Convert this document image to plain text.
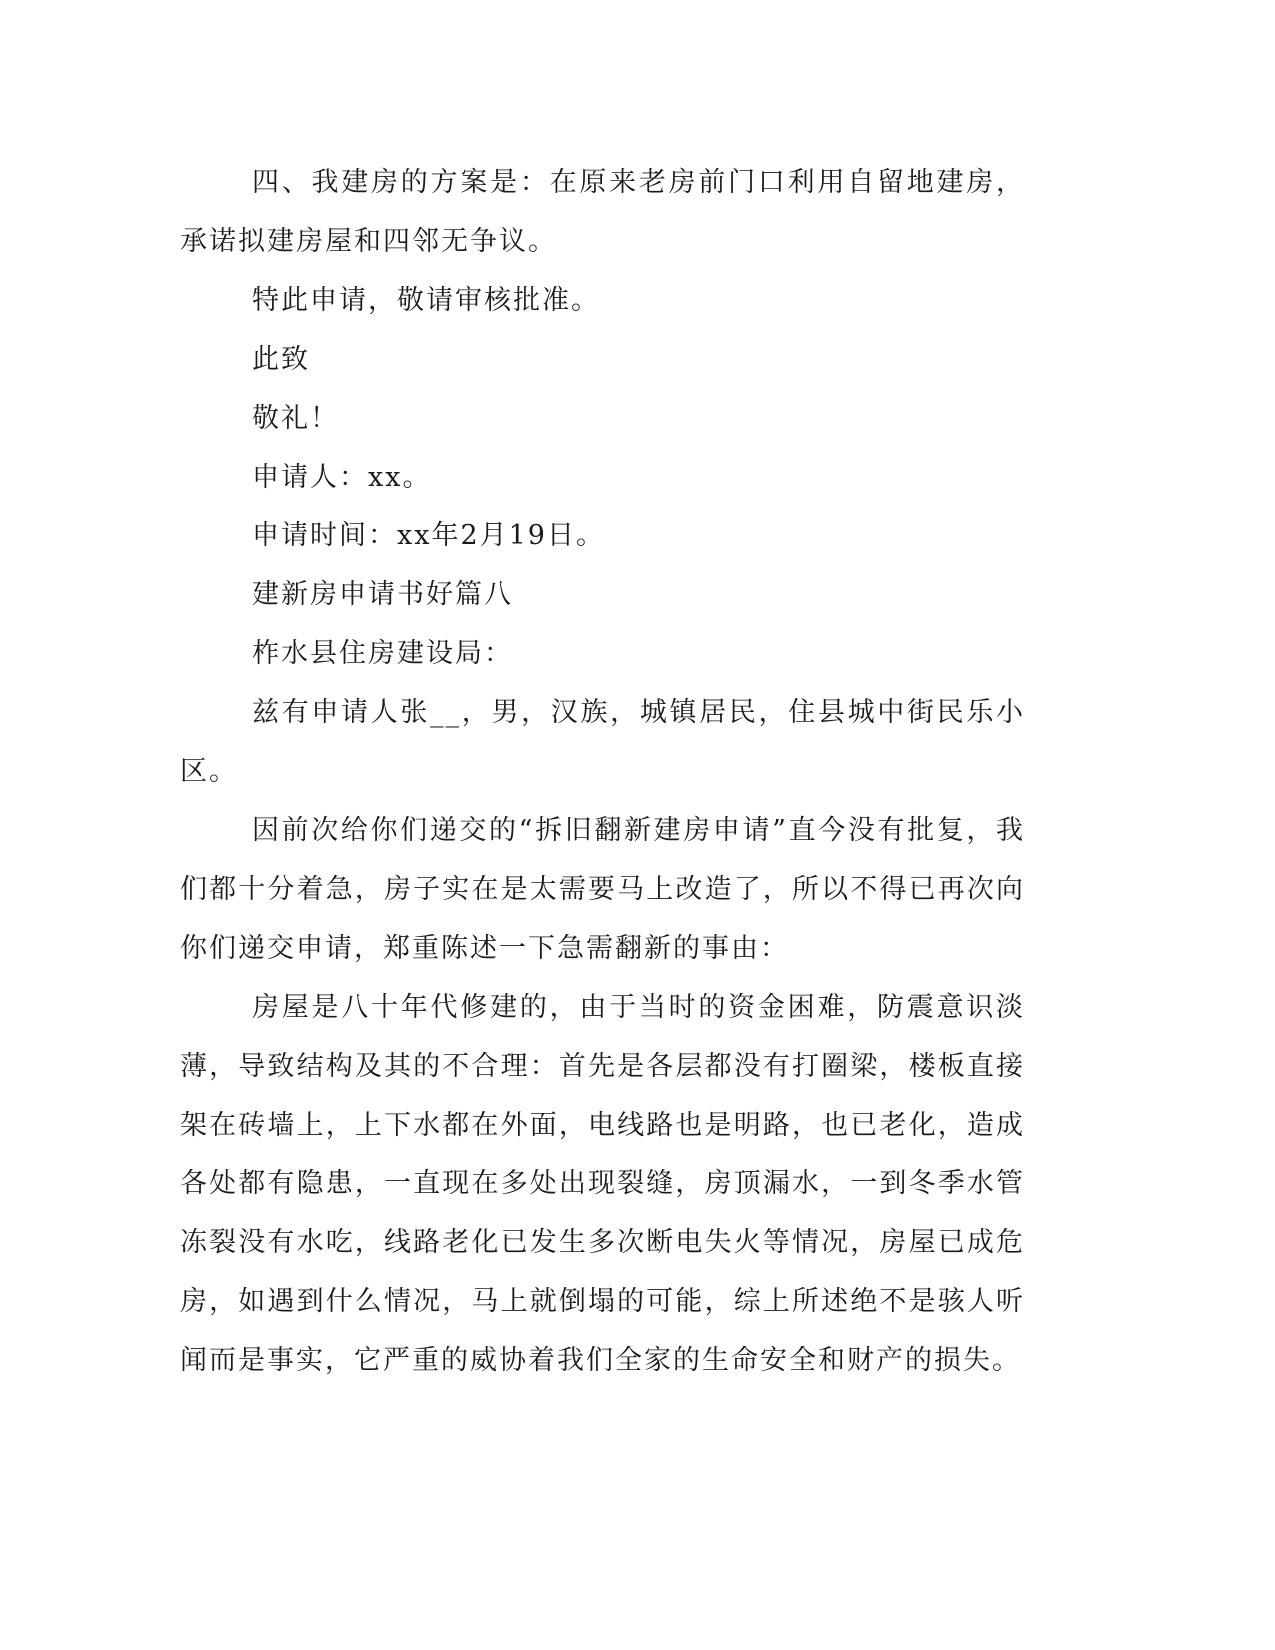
四、我建房的方案是：在原来老房前门口利用自留地建房，承诺拟建房屋和四邻无争议。

特此申请，敬请审核批准。

此致

敬礼！

申请人：xx。

申请时间：xx年2月19日。

建新房申请书好篇八

柞水县住房建设局：

兹有申请人张__，男，汉族，城镇居民，住县城中街民乐小区。

因前次给你们递交的“拆旧翻新建房申请”直今没有批复，我们都十分着急，房子实在是太需要马上改造了，所以不得已再次向你们递交申请，郑重陈述一下急需翻新的事由：

房屋是八十年代修建的，由于当时的资金困难，防震意识淡薄，导致结构及其的不合理：首先是各层都没有打圈梁，楼板直接架在砖墙上，上下水都在外面，电线路也是明路，也已老化，造成各处都有隐患，一直现在多处出现裂缝，房顶漏水，一到冬季水管冻裂没有水吃，线路老化已发生多次断电失火等情况，房屋已成危房，如遇到什么情况，马上就倒塌的可能，综上所述绝不是骇人听闻而是事实，它严重的威协着我们全家的生命安全和财产的损失。
